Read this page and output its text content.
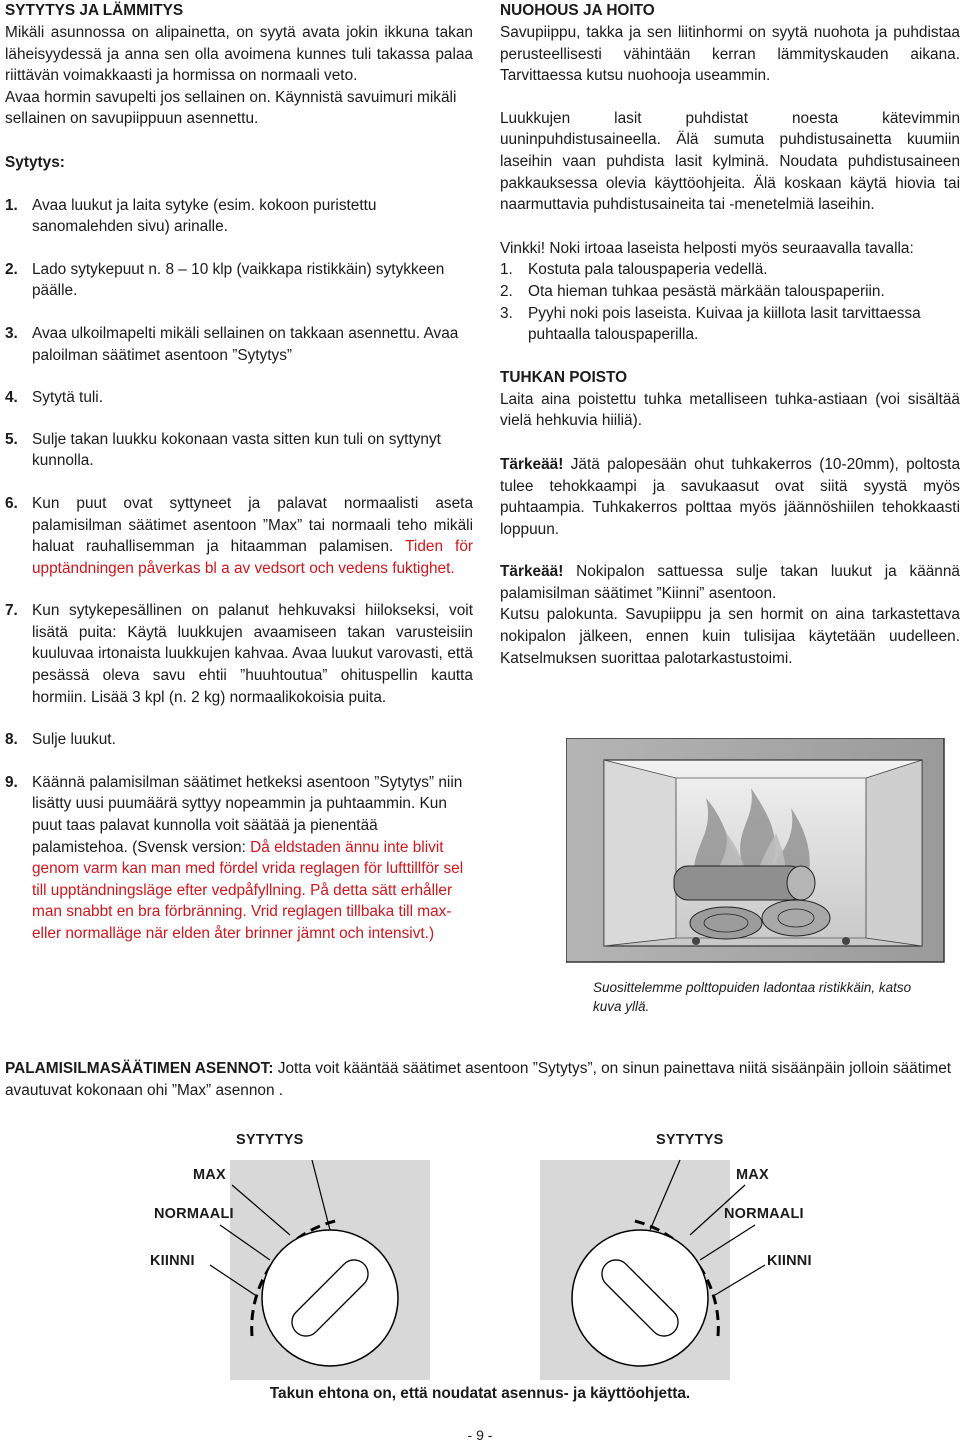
SYTYTYS JA LÄMMITYS

Mikäli asunnossa on alipainetta, on syytä avata jokin ikkuna takan läheisyydessä ja anna sen olla avoimena kunnes tuli takassa palaa riittävän voimakkaasti ja hormissa on normaali veto.

Avaa hormin savupelti jos sellainen on. Käynnistä savuimuri mikäli sellainen on savupiippuun asennettu.

Sytytys:

1. Avaa luukut ja laita sytyke (esim. kokoon puristettu sanomalehden sivu) arinalle.
2. Lado sytykepuut n. 8 – 10 klp (vaikkapa ristikkäin) sytykkeen päälle.
3. Avaa ulkoilmapelti mikäli sellainen on takkaan asennettu. Avaa paloilman säätimet asentoon ”Sytytys”
4. Sytytä tuli.
5. Sulje takan luukku kokonaan vasta sitten kun tuli on syttynyt kunnolla.
6. Kun puut ovat syttyneet ja palavat normaalisti aseta palamisilman säätimet asentoon ”Max” tai normaali teho mikäli haluat rauhallisemman ja hitaamman palamisen. Tiden för upptändningen påverkas bl a av vedsort och vedens fuktighet.
7. Kun sytykepesällinen on palanut hehkuvaksi hiilokseksi, voit lisätä puita: Käytä luukkujen avaamiseen takan varusteisiin kuuluvaa irtonaista luukkujen kahvaa. Avaa luukut varovasti, että pesässä oleva savu ehtii ”huuhtoutua” ohituspellin kautta hormiin. Lisää 3 kpl (n. 2 kg) normaalikokoisia puita.
8. Sulje luukut.
9. Käännä palamisilman säätimet hetkeksi asentoon ”Sytytys” niin lisätty uusi puumäärä syttyy nopeammin ja puhtaammin. Kun puut taas palavat kunnolla voit säätää ja pienentää palamistehoa. (Svensk version: Då eldstaden ännu inte blivit genom varm kan man med fördel vrida reglagen för lufttillför sel till upptändningsläge efter vedpåfyllning. På detta sätt erhåller man snabbt en bra förbränning. Vrid reglagen tillbaka till max- eller normalläge när elden åter brinner jämnt och intensivt.)
NUOHOUS JA HOITO

Savupiippu, takka ja sen liitinhormi on syytä nuohota ja puhdistaa perusteellisesti vähintään kerran lämmityskauden aikana. Tarvittaessa kutsu nuohooja useammin.

Luukkujen lasit puhdistat noesta kätevimmin uuninpuhdistusaineella. Älä sumuta puhdistusainetta kuumiin laseihin vaan puhdista lasit kylminä. Noudata puhdistusaineen pakkauksessa olevia käyttöohjeita. Älä koskaan käytä hiovia tai naarmuttavia puhdistusaineita tai -menetelmiä laseihin.

Vinkki! Noki irtoaa laseista helposti myös seuraavalla tavalla:

1. Kostuta pala talouspaperia vedellä.
2. Ota hieman tuhkaa pesästä märkään talouspaperiin.
3. Pyyhi noki pois laseista. Kuivaa ja kiillota lasit tarvittaessa puhtaalla talouspaperilla.
TUHKAN POISTO

Laita aina poistettu tuhka metalliseen tuhka-astiaan (voi sisältää vielä hehkuvia hiiliä).

Tärkeää! Jätä palopesään ohut tuhkakerros (10-20mm), poltosta tulee tehokkaampi ja savukaasut ovat siitä syystä myös puhtaampia. Tuhkakerros polttaa myös jäännöshiilen tehokkaasti loppuun.

Tärkeää! Nokipalon sattuessa sulje takan luukut ja käännä palamisilman säätimet ”Kiinni” asentoon.

Kutsu palokunta. Savupiippu ja sen hormit on aina tarkastettava nokipalon jälkeen, ennen kuin tulisijaa käytetään uudelleen. Katselmuksen suorittaa palotarkastustoimi.

Suosittelemme polttopuiden ladontaa ristikkäin, katso kuva yllä.
PALAMISILMASÄÄTIMEN ASENNOT: Jotta voit kääntää säätimet asentoon ”Sytytys”, on sinun painettava niitä sisäänpäin jolloin säätimet avautuvat kokonaan ohi ”Max” asennon .
SYTYTYS
MAX
NORMAALI
KIINNI
SYTYTYS
MAX
NORMAALI
KIINNI
Takun ehtona on, että noudatat asennus- ja käyttöohjetta.
- 9 -
